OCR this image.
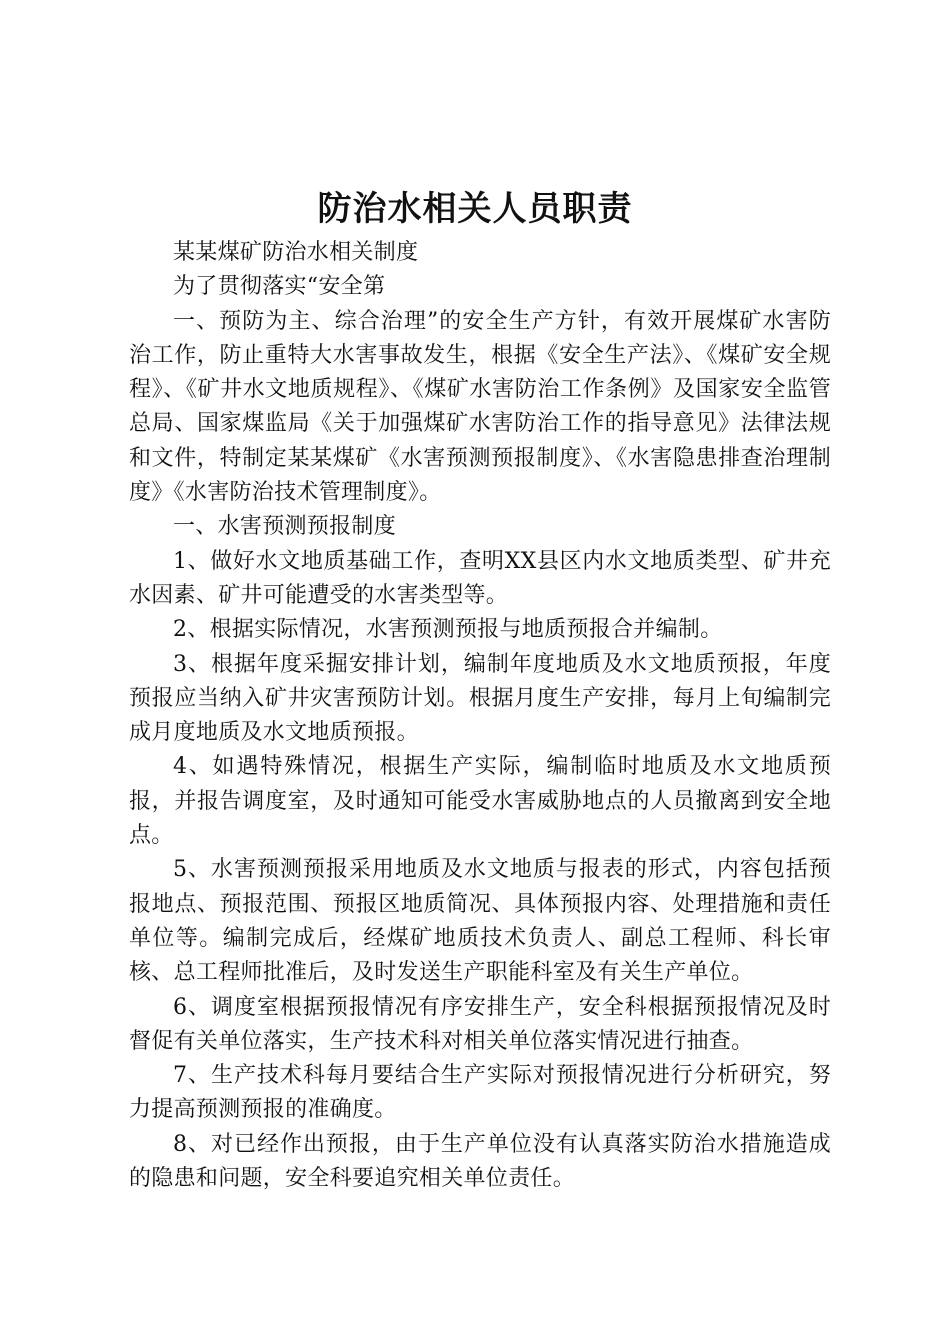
防治水相关人员职责

某某煤矿防治水相关制度

为了贯彻落实“安全第

一、预防为主、综合治理”的安全生产方针，有效开展煤矿水害防治工作，防止重特大水害事故发生，根据《安全生产法》、《煤矿安全规程》、《矿井水文地质规程》、《煤矿水害防治工作条例》及国家安全监管总局、国家煤监局《关于加强煤矿水害防治工作的指导意见》法律法规和文件，特制定某某煤矿《水害预测预报制度》、《水害隐患排查治理制度》《水害防治技术管理制度》。

一、水害预测预报制度

1、做好水文地质基础工作，查明XX县区内水文地质类型、矿井充水因素、矿井可能遭受的水害类型等。

2、根据实际情况，水害预测预报与地质预报合并编制。

3、根据年度采掘安排计划，编制年度地质及水文地质预报，年度预报应当纳入矿井灾害预防计划。根据月度生产安排，每月上旬编制完成月度地质及水文地质预报。

4、如遇特殊情况，根据生产实际，编制临时地质及水文地质预报，并报告调度室，及时通知可能受水害威胁地点的人员撤离到安全地点。

5、水害预测预报采用地质及水文地质与报表的形式，内容包括预报地点、预报范围、预报区地质简况、具体预报内容、处理措施和责任单位等。编制完成后，经煤矿地质技术负责人、副总工程师、科长审核、总工程师批准后，及时发送生产职能科室及有关生产单位。

6、调度室根据预报情况有序安排生产，安全科根据预报情况及时督促有关单位落实，生产技术科对相关单位落实情况进行抽查。

7、生产技术科每月要结合生产实际对预报情况进行分析研究，努力提高预测预报的准确度。

8、对已经作出预报，由于生产单位没有认真落实防治水措施造成的隐患和问题，安全科要追究相关单位责任。
